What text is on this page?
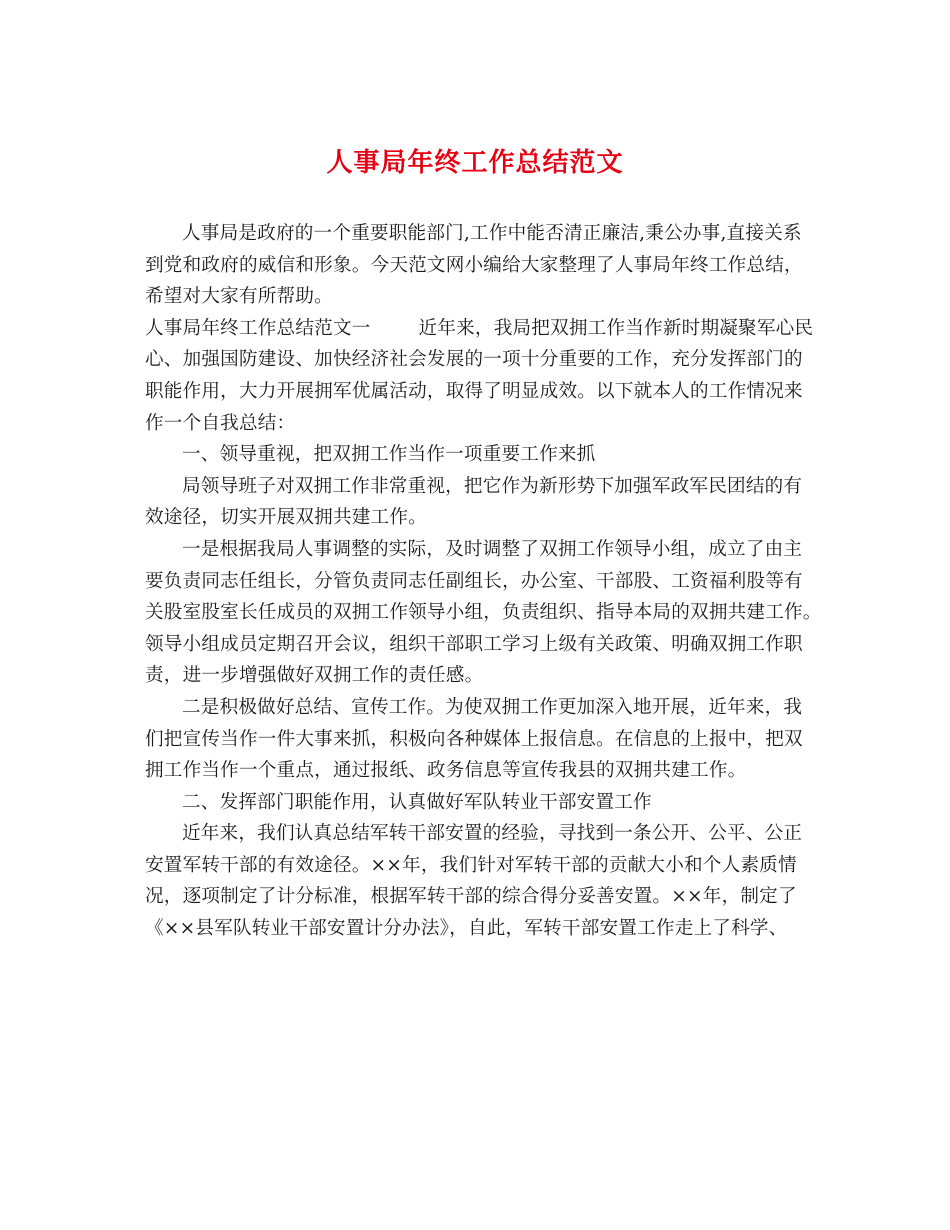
人事局年终工作总结范文
人事局是政府的一个重要职能部门,工作中能否清正廉洁,秉公办事,直接关系
到党和政府的威信和形象。今天范文网小编给大家整理了人事局年终工作总结，
希望对大家有所帮助。
人事局年终工作总结范文一	近年来，我局把双拥工作当作新时期凝聚军心民
心、加强国防建设、加快经济社会发展的一项十分重要的工作，充分发挥部门的
职能作用，大力开展拥军优属活动，取得了明显成效。以下就本人的工作情况来
作一个自我总结：
一、领导重视，把双拥工作当作一项重要工作来抓
局领导班子对双拥工作非常重视，把它作为新形势下加强军政军民团结的有
效途径，切实开展双拥共建工作。
一是根据我局人事调整的实际，及时调整了双拥工作领导小组，成立了由主
要负责同志任组长，分管负责同志任副组长，办公室、干部股、工资福利股等有
关股室股室长任成员的双拥工作领导小组，负责组织、指导本局的双拥共建工作。
领导小组成员定期召开会议，组织干部职工学习上级有关政策、明确双拥工作职
责，进一步增强做好双拥工作的责任感。
二是积极做好总结、宣传工作。为使双拥工作更加深入地开展，近年来，我
们把宣传当作一件大事来抓，积极向各种媒体上报信息。在信息的上报中，把双
拥工作当作一个重点，通过报纸、政务信息等宣传我县的双拥共建工作。
二、发挥部门职能作用，认真做好军队转业干部安置工作
近年来，我们认真总结军转干部安置的经验，寻找到一条公开、公平、公正
安置军转干部的有效途径。××年，我们针对军转干部的贡献大小和个人素质情
况，逐项制定了计分标准，根据军转干部的综合得分妥善安置。××年，制定了
《××县军队转业干部安置计分办法》，自此，军转干部安置工作走上了科学、
